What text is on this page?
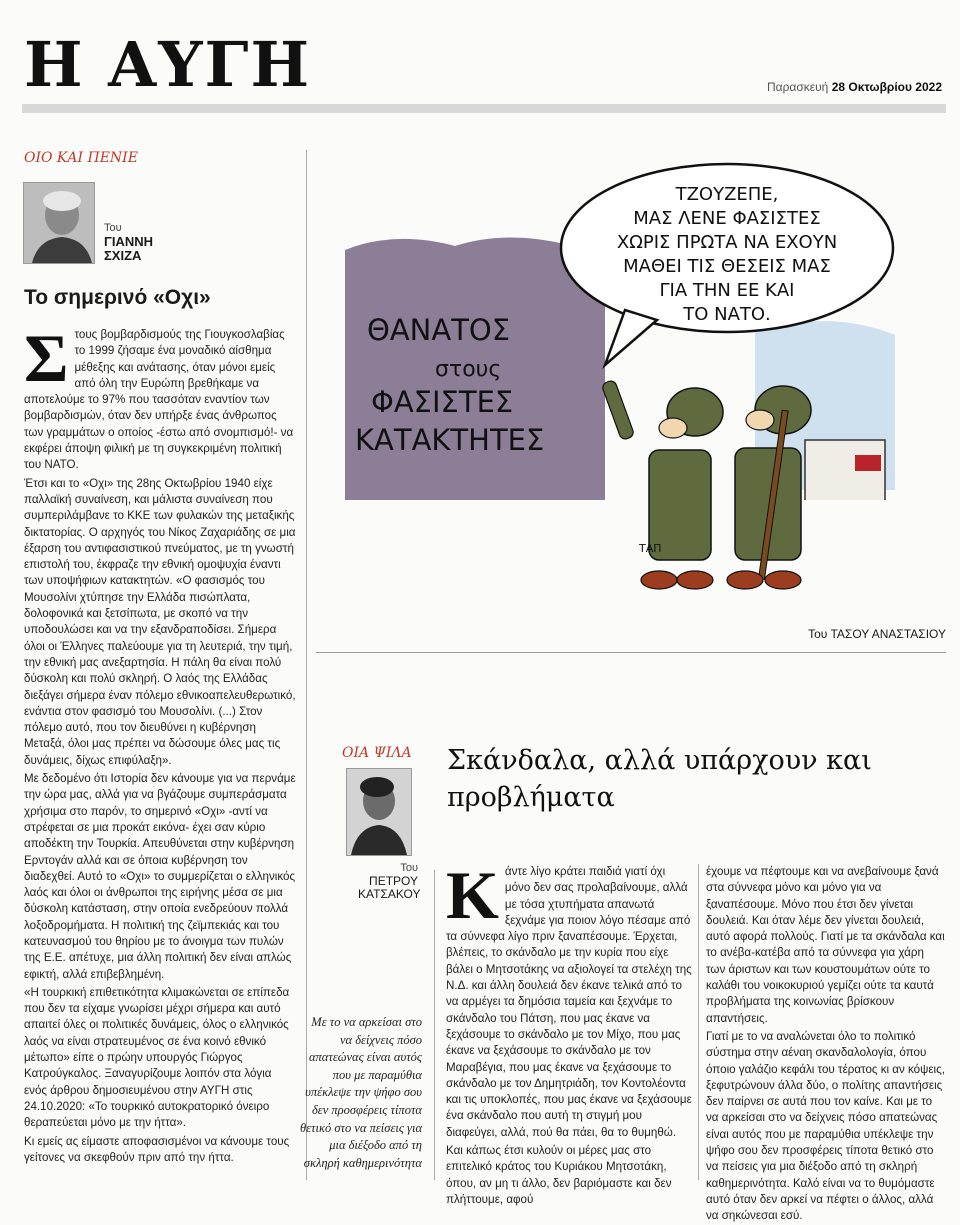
Η ΑΥΓΗ	Παρασκευή 28 Οκτωβρίου 2022
ΟΙΟ ΚΑΙ ΠΕΝΙΕ
Του
ΓΙΑΝΝΗ
ΣΧΙΖΑ
Το σημερινό «Οχι»
Σ τους βομβαρδισμούς της Γιουγκοσλαβίας το 1999 ζήσαμε ένα μοναδικό αίσθημα μέθεξης και ανάτασης, όταν μόνοι εμείς από όλη την Ευρώπη βρεθήκαμε να αποτελούμε το 97% που τασσόταν εναντίον των βομβαρδισμών, όταν δεν υπήρξε ένας άνθρωπος των γραμμάτων ο οποίος -έστω από σνομπισμό!- να εκφέρει άποψη φιλική με τη συγκεκριμένη πολιτική του ΝΑΤΟ.

Έτσι και το «Οχι» της 28ης Οκτωβρίου 1940 είχε παλλαϊκή συναίνεση, και μάλιστα συναίνεση που συμπεριλάμβανε το ΚΚΕ των φυλακών της μεταξικής δικτατορίας. Ο αρχηγός του Νίκος Ζαχαριάδης σε μια έξαρση του αντιφασιστικού πνεύματος, με τη γνωστή επιστολή του, έκφραζε την εθνική ομοψυχία έναντι των υποψήφιων κατακτητών. «Ο φασισμός του Μουσολίνι χτύπησε την Ελλάδα πισώπλατα, δολοφονικά και ξετσίπωτα, με σκοπό να την υποδουλώσει και να την εξανδραποδίσει. Σήμερα όλοι οι Έλληνες παλεύουμε για τη λευτεριά, την τιμή, την εθνική μας ανεξαρτησία. Η πάλη θα είναι πολύ δύσκολη και πολύ σκληρή. Ο λαός της Ελλάδας διεξάγει σήμερα έναν πόλεμο εθνικοαπελευθερωτικό, ενάντια στον φασισμό του Μουσολίνι. (...) Στον πόλεμο αυτό, που τον διευθύνει η κυβέρνηση Μεταξά, όλοι μας πρέπει να δώσουμε όλες μας τις δυνάμεις, δίχως επιφύλαξη».

Με δεδομένο ότι Ιστορία δεν κάνουμε για να περνάμε την ώρα μας, αλλά για να βγάζουμε συμπεράσματα χρήσιμα στο παρόν, το σημερινό «Οχι» -αντί να στρέφεται σε μια προκάτ εικόνα- έχει σαν κύριο αποδέκτη την Τουρκία. Απευθύνεται στην κυβέρνηση Ερντογάν αλλά και σε όποια κυβέρνηση τον διαδεχθεί. Αυτό το «Οχι» το συμμερίζεται ο ελληνικός λαός και όλοι οι άνθρωποι της ειρήνης μέσα σε μια δύσκολη κατάσταση, στην οποία ενεδρεύουν πολλά λοξοδρομήματα. Η πολιτική της ζεϊμπεκιάς και του κατευνασμού του θηρίου με το άνοιγμα των πυλών της Ε.Ε. απέτυχε, μια άλλη πολιτική δεν είναι απλώς εφικτή, αλλά επιβεβλημένη.

«Η τουρκική επιθετικότητα κλιμακώνεται σε επίπεδα που δεν τα είχαμε γνωρίσει μέχρι σήμερα και αυτό απαιτεί όλες οι πολιτικές δυνάμεις, όλος ο ελληνικός λαός να είναι στρατευμένος σε ένα κοινό εθνικό μέτωπο» είπε ο πρώην υπουργός Γιώργος Κατρούγκαλος. Ξαναγυρίζουμε λοιπόν στα λόγια ενός άρθρου δημοσιευμένου στην ΑΥΓΗ στις 24.10.2020: «Το τουρκικό αυτοκρατορικό όνειρο θεραπεύεται μόνο με την ήττα».

Κι εμείς ας είμαστε αποφασισμένοι να κάνουμε τους γείτονες να σκεφθούν πριν από την ήττα.

ΘΑΝΑΤΟΣ
στους
ΦΑΣΙΣΤΕΣ
ΚΑΤΑΚΤΗΤΕΣ
ΤΖΟΥΖΕΠΕ,
ΜΑΣ ΛΕΝΕ ΦΑΣΙΣΤΕΣ
ΧΩΡΙΣ ΠΡΩΤΑ ΝΑ ΕΧΟΥΝ
ΜΑΘΕΙ ΤΙΣ ΘΕΣΕΙΣ ΜΑΣ
ΓΙΑ ΤΗΝ ΕΕ ΚΑΙ
ΤΟ ΝΑΤΟ.
ΤΑΠ
Του ΤΑΣΟΥ ΑΝΑΣΤΑΣΙΟΥ
ΟΙΑ ΨΙΛΑ
Του
ΠΕΤΡΟΥ
ΚΑΤΣΑΚΟΥ
Σκάνδαλα, αλλά υπάρχουν και προβλήματα
Με το να αρκείσαι στο να δείχνεις πόσο απατεώνας είναι αυτός που με παραμύθια υπέκλεψε την ψήφο σου δεν προσφέρεις τίποτα θετικό στο να πείσεις για μια διέξοδο από τη σκληρή καθημερινότητα
Κ άντε λίγο κράτει παιδιά γιατί όχι μόνο δεν σας προλαβαίνουμε, αλλά με τόσα χτυπήματα απανωτά ξεχνάμε για ποιον λόγο πέσαμε από τα σύννεφα λίγο πριν ξαναπέσουμε. Έρχεται, βλέπεις, το σκάνδαλο με την κυρία που είχε βάλει ο Μητσοτάκης να αξιολογεί τα στελέχη της Ν.Δ. και άλλη δουλειά δεν έκανε τελικά από το να αρμέγει τα δημόσια ταμεία και ξεχνάμε το σκάνδαλο του Πάτση, που μας έκανε να ξεχάσουμε το σκάνδαλο με τον Μίχο, που μας έκανε να ξεχάσουμε το σκάνδαλο με τον Μαραβέγια, που μας έκανε να ξεχάσουμε το σκάνδαλο με τον Δημητριάδη, τον Κοντολέοντα και τις υποκλοπές, που μας έκανε να ξεχάσουμε ένα σκάνδαλο που αυτή τη στιγμή μου διαφεύγει, αλλά, πού θα πάει, θα το θυμηθώ.

Και κάπως έτσι κυλούν οι μέρες μας στο επιτελικό κράτος του Κυριάκου Μητσοτάκη, όπου, αν μη τι άλλο, δεν βαριόμαστε και δεν πλήττουμε, αφού

έχουμε να πέφτουμε και να ανεβαίνουμε ξανά στα σύννεφα μόνο και μόνο για να ξαναπέσουμε. Μόνο που έτσι δεν γίνεται δουλειά. Και όταν λέμε δεν γίνεται δουλειά, αυτό αφορά πολλούς. Γιατί με τα σκάνδαλα και το ανέβα-κατέβα από τα σύννεφα για χάρη των άριστων και των κουστουμάτων ούτε το καλάθι του νοικοκυριού γεμίζει ούτε τα καυτά προβλήματα της κοινωνίας βρίσκουν απαντήσεις.

Γιατί με το να αναλώνεται όλο το πολιτικό σύστημα στην αέναη σκανδαλολογία, όπου όποιο γαλάζιο κεφάλι του τέρατος κι αν κόψεις, ξεφυτρώνουν άλλα δύο, ο πολίτης απαντήσεις δεν παίρνει σε αυτά που τον καίνε. Και με το να αρκείσαι στο να δείχνεις πόσο απατεώνας είναι αυτός που με παραμύθια υπέκλεψε την ψήφο σου δεν προσφέρεις τίποτα θετικό στο να πείσεις για μια διέξοδο από τη σκληρή καθημερινότητα. Καλό είναι να το θυμόμαστε αυτό όταν δεν αρκεί να πέφτει ο άλλος, αλλά να σηκώνεσαι εσύ.
